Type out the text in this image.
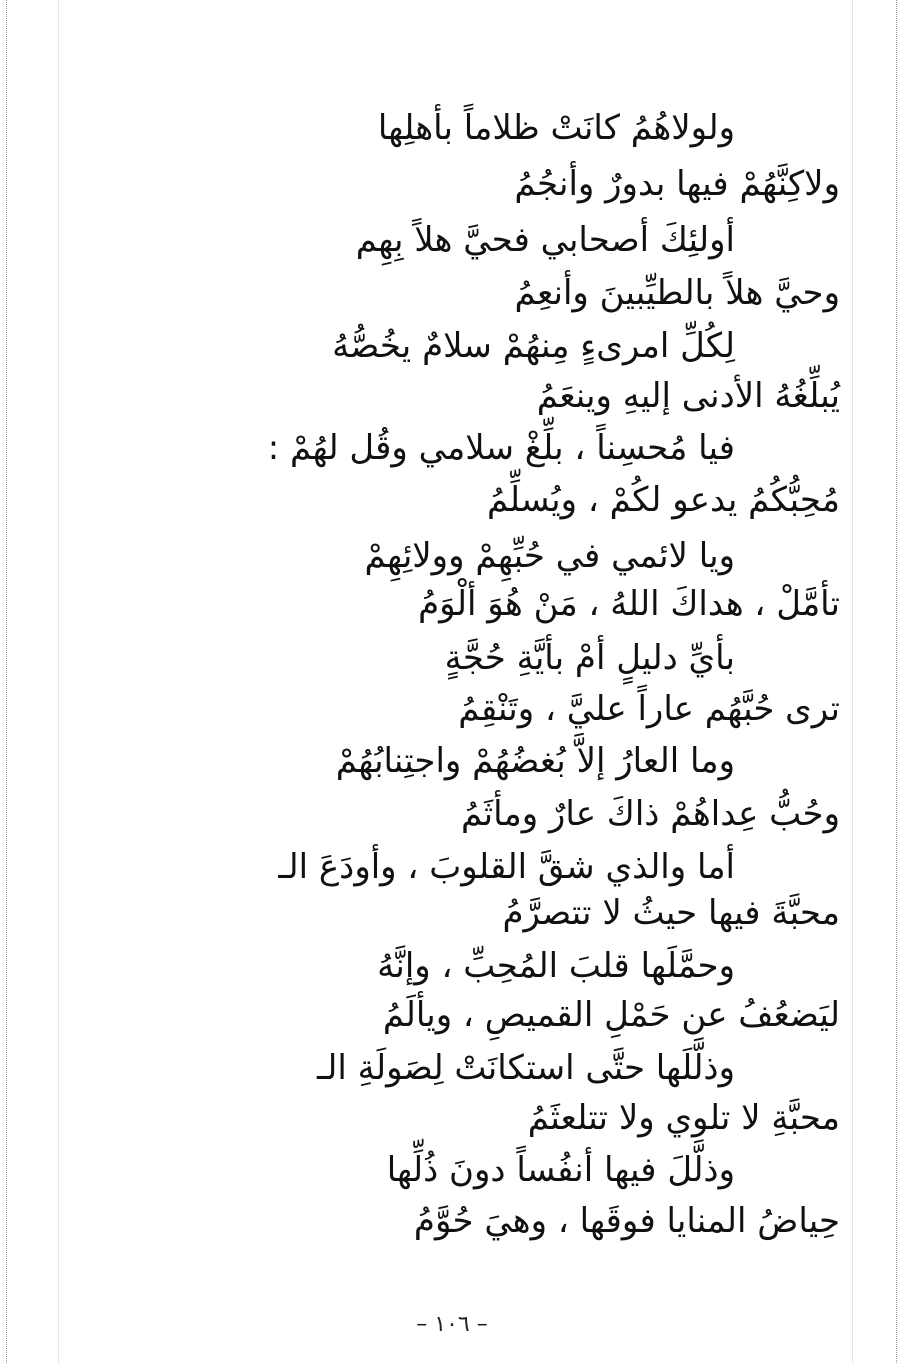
ولولاهُمُ كانَتْ ظلاماً بأهلِها
ولاكِنَّهُمْ فيها بدورٌ وأنجُمُ
أولئِكَ أصحابي فحيَّ هلاً بِهِم
وحيَّ هلاً بالطيِّبينَ وأنعِمُ
لِكُلِّ امرىءٍ مِنهُمْ سلامٌ يخُصُّهُ
يُبلِّغُهُ الأدنى إليهِ وينعَمُ
فيا مُحسِناً ، بلِّغْ سلامي وقُل لهُمْ :
مُحِبُّكُمُ يدعو لكُمْ ، ويُسلِّمُ
ويا لائمي في حُبِّهِمْ وولائِهِمْ
تأمَّلْ ، هداكَ اللهُ ، مَنْ هُوَ ألْوَمُ
بأيِّ دليلٍ أمْ بأيَّةِ حُجَّةٍ
ترى حُبَّهُم عاراً عليَّ ، وتَنْقِمُ
وما العارُ إلاَّ بُغضُهُمْ واجتِنابُهُمْ
وحُبُّ عِداهُمْ ذاكَ عارٌ ومأثَمُ
أما والذي شقَّ القلوبَ ، وأودَعَ الـ
محبَّةَ فيها حيثُ لا تتصرَّمُ
وحمَّلَها قلبَ المُحِبِّ ، وإنَّهُ
ليَضعُفُ عن حَمْلِ القميصِ ، ويألَمُ
وذلَّلَها حتَّى استكانَتْ لِصَولَةِ الـ
محبَّةِ لا تلوي ولا تتلعثَمُ
وذلَّلَ فيها أنفُساً دونَ ذُلِّها
حِياضُ المنايا فوقَها ، وهيَ حُوَّمُ
– ١٠٦ –
